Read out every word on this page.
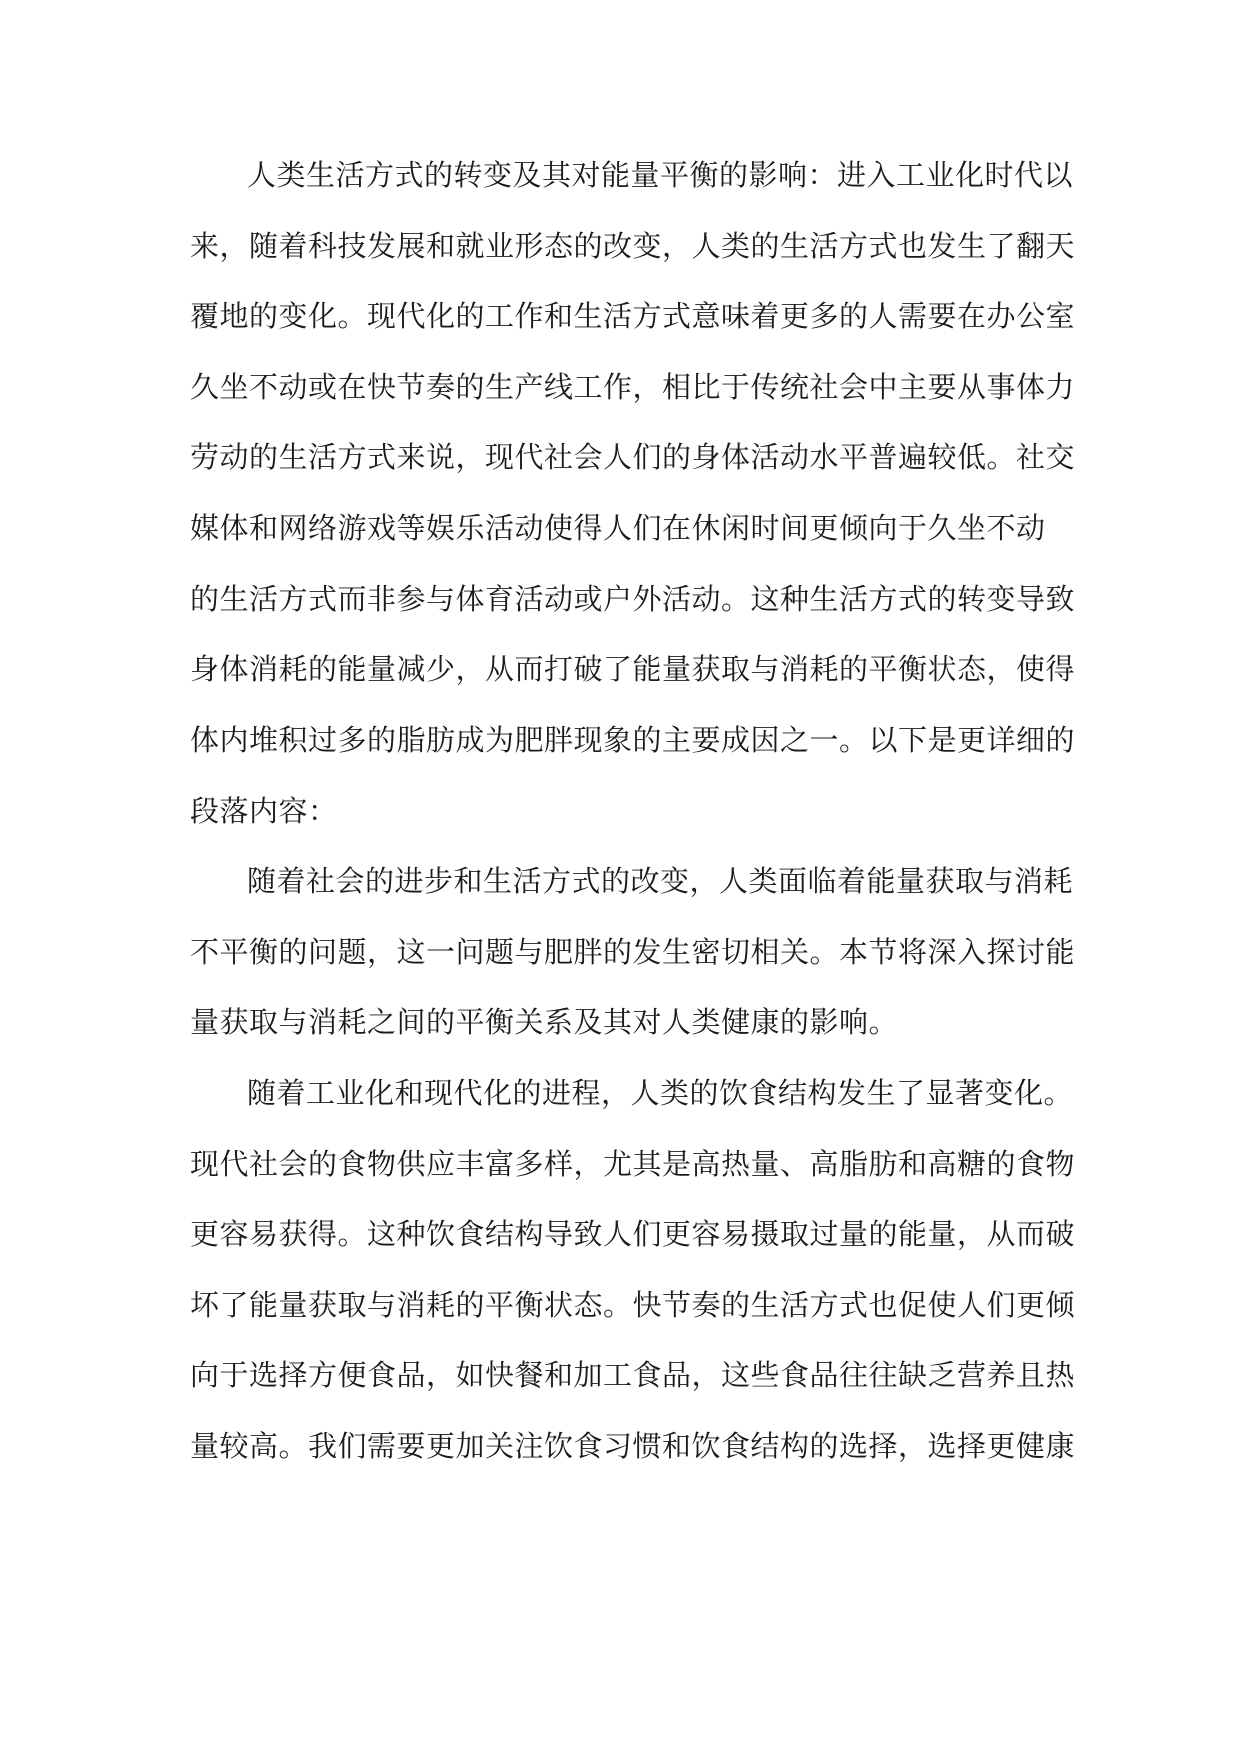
人类生活方式的转变及其对能量平衡的影响：进入工业化时代以
来，随着科技发展和就业形态的改变，人类的生活方式也发生了翻天
覆地的变化。现代化的工作和生活方式意味着更多的人需要在办公室
久坐不动或在快节奏的生产线工作，相比于传统社会中主要从事体力
劳动的生活方式来说，现代社会人们的身体活动水平普遍较低。社交
媒体和网络游戏等娱乐活动使得人们在休闲时间更倾向于久坐不动
的生活方式而非参与体育活动或户外活动。这种生活方式的转变导致
身体消耗的能量减少，从而打破了能量获取与消耗的平衡状态，使得
体内堆积过多的脂肪成为肥胖现象的主要成因之一。以下是更详细的
段落内容：
随着社会的进步和生活方式的改变，人类面临着能量获取与消耗
不平衡的问题，这一问题与肥胖的发生密切相关。本节将深入探讨能
量获取与消耗之间的平衡关系及其对人类健康的影响。
随着工业化和现代化的进程，人类的饮食结构发生了显著变化。
现代社会的食物供应丰富多样，尤其是高热量、高脂肪和高糖的食物
更容易获得。这种饮食结构导致人们更容易摄取过量的能量，从而破
坏了能量获取与消耗的平衡状态。快节奏的生活方式也促使人们更倾
向于选择方便食品，如快餐和加工食品，这些食品往往缺乏营养且热
量较高。我们需要更加关注饮食习惯和饮食结构的选择，选择更健康
